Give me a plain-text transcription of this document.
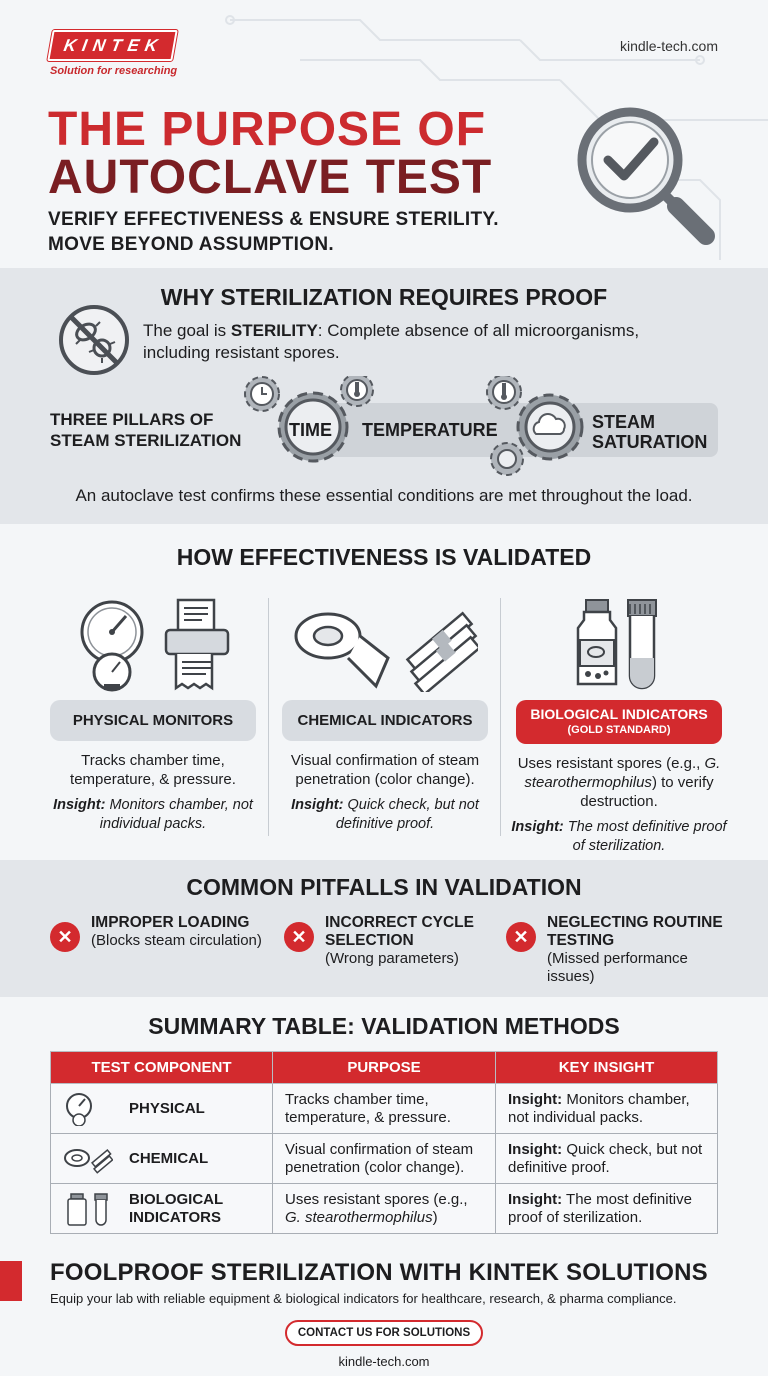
KINTEK
Solution for researching
kindle-tech.com
THE PURPOSE OF
AUTOCLAVE TEST
VERIFY EFFECTIVENESS & ENSURE STERILITY.
MOVE BEYOND ASSUMPTION.
WHY STERILIZATION REQUIRES PROOF
The goal is STERILITY: Complete absence of all microorganisms, including resistant spores.
THREE PILLARS OF
STEAM STERILIZATION
TIME TEMPERATURE	STEAM
SATURATION
An autoclave test confirms these essential conditions are met throughout the load.
HOW EFFECTIVENESS IS VALIDATED
PHYSICAL MONITORS
Tracks chamber time, temperature, & pressure.
Insight: Monitors chamber, not individual packs.
CHEMICAL INDICATORS
Visual confirmation of steam penetration (color change).
Insight: Quick check, but not definitive proof.
BIOLOGICAL INDICATORS
(GOLD STANDARD)
Uses resistant spores (e.g., G. stearothermophilus) to verify destruction.
Insight: The most definitive proof of sterilization.
COMMON PITFALLS IN VALIDATION
✕
IMPROPER LOADING
(Blocks steam circulation)	✕
INCORRECT CYCLE SELECTION
(Wrong parameters)
✕
NEGLECTING ROUTINE TESTING
(Missed performance issues)
SUMMARY TABLE: VALIDATION METHODS
TEST COMPONENT	PURPOSE	KEY INSIGHT

PHYSICAL	Tracks chamber time, temperature, & pressure.	Insight: Monitors chamber, not individual packs.

CHEMICAL	Visual confirmation of steam penetration (color change).	Insight: Quick check, but not definitive proof.

BIOLOGICAL
INDICATORS	Uses resistant spores (e.g., G. stearothermophilus)	Insight: The most definitive proof of sterilization.
FOOLPROOF STERILIZATION WITH KINTEK SOLUTIONS
Equip your lab with reliable equipment & biological indicators for healthcare, research, & pharma compliance.
CONTACT US FOR SOLUTIONS
kindle-tech.com
